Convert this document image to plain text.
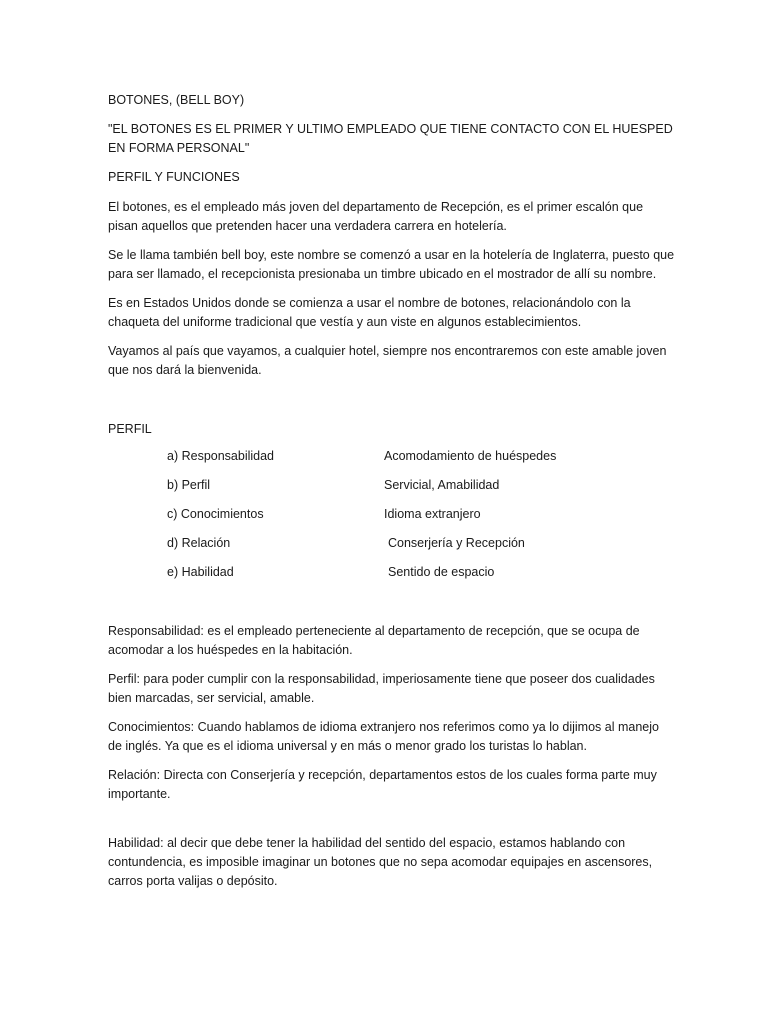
BOTONES, (BELL BOY)

"EL BOTONES ES EL PRIMER Y ULTIMO EMPLEADO QUE TIENE CONTACTO CON EL HUESPED EN FORMA PERSONAL"

PERFIL Y FUNCIONES

El botones, es el empleado más joven del departamento de Recepción, es el primer escalón que pisan aquellos que pretenden hacer una verdadera carrera en hotelería.

Se le llama también bell boy, este nombre se comenzó a usar en la hotelería de Inglaterra, puesto que para ser llamado, el recepcionista presionaba un timbre ubicado en el mostrador de allí su nombre.

Es en Estados Unidos donde se comienza a usar el nombre de botones, relacionándolo con la chaqueta del uniforme tradicional que vestía y aun viste en algunos establecimientos.

Vayamos al país que vayamos, a cualquier hotel, siempre nos encontraremos con este amable joven que nos dará la bienvenida.

PERFIL

a) Responsabilidad	Acomodamiento de huéspedes
b) Perfil	Servicial, Amabilidad
c) Conocimientos	Idioma extranjero
d) Relación	Conserjería y Recepción
e) Habilidad	Sentido de espacio

Responsabilidad: es el empleado perteneciente al departamento de recepción, que se ocupa de acomodar a los huéspedes en la habitación.

Perfil: para poder cumplir con la responsabilidad, imperiosamente tiene que poseer dos cualidades bien marcadas, ser servicial, amable.

Conocimientos: Cuando hablamos de idioma extranjero nos referimos como ya lo dijimos al manejo de inglés. Ya que es el idioma universal y en más o menor grado los turistas lo hablan.

Relación: Directa con Conserjería y recepción, departamentos estos de los cuales forma parte muy importante.

Habilidad: al decir que debe tener la habilidad del sentido del espacio, estamos hablando con contundencia, es imposible imaginar un botones que no sepa acomodar equipajes en ascensores, carros porta valijas o depósito.
